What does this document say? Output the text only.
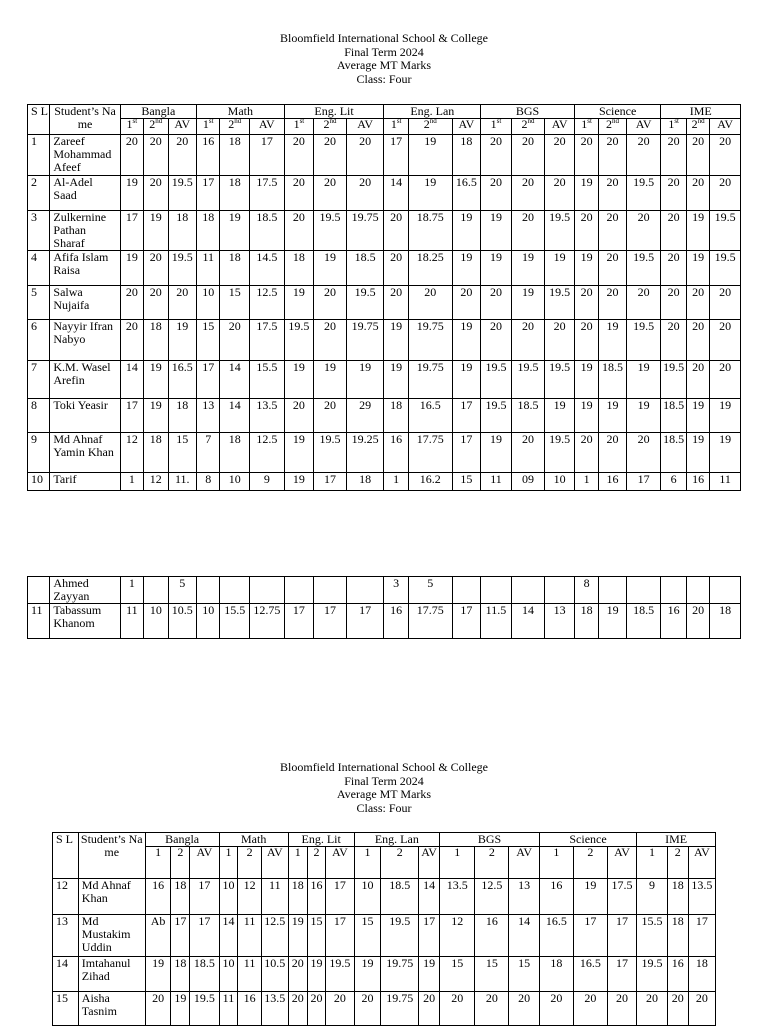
Bloomfield International School & College
Final Term 2024
Average MT Marks
Class: Four
S L	Student’s Name	Bangla			Math			Eng. Lit			Eng. Lan			BGS			Science			IME		
		1st	2nd	AV	1st	2nd	AV	1st	2nd	AV	1st	2nd	AV	1st	2nd	AV	1st	2nd	AV	1st	2nd	AV
1	Zareef Mohammad Afeef	20	20	20	16	18	17	20	20	20	17	19	18	20	20	20	20	20	20	20	20	20
2	Al-Adel Saad	19	20	19.5	17	18	17.5	20	20	20	14	19	16.5	20	20	20	19	20	19.5	20	20	20
3	Zulkernine Pathan Sharaf	17	19	18	18	19	18.5	20	19.5	19.75	20	18.75	19	19	20	19.5	20	20	20	20	19	19.5
4	Afifa Islam Raisa	19	20	19.5	11	18	14.5	18	19	18.5	20	18.25	19	19	19	19	19	20	19.5	20	19	19.5
5	Salwa Nujaifa	20	20	20	10	15	12.5	19	20	19.5	20	20	20	20	19	19.5	20	20	20	20	20	20
6	Nayyir Ifran Nabyo	20	18	19	15	20	17.5	19.5	20	19.75	19	19.75	19	20	20	20	20	19	19.5	20	20	20
7	K.M. Wasel Arefin	14	19	16.5	17	14	15.5	19	19	19	19	19.75	19	19.5	19.5	19.5	19	18.5	19	19.5	20	20
8	Toki Yeasir	17	19	18	13	14	13.5	20	20	29	18	16.5	17	19.5	18.5	19	19	19	19	18.5	19	19
9	Md Ahnaf Yamin Khan	12	18	15	7	18	12.5	19	19.5	19.25	16	17.75	17	19	20	19.5	20	20	20	18.5	19	19
10	Tarif	1	12	11.	8	10	9	19	17	18	1	16.2	15	11	09	10	1	16	17	6	16	11
	Ahmed Zayyan	1		5							3	5					8					
11	Tabassum Khanom	11	10	10.5	10	15.5	12.75	17	17	17	16	17.75	17	11.5	14	13	18	19	18.5	16	20	18
Bloomfield International School & College
Final Term 2024
Average MT Marks
Class: Four
S L	Student’s Name	Bangla			Math			Eng. Lit			Eng. Lan			BGS			Science			IME		
		1	2	AV	1	2	AV	1	2	AV	1	2	AV	1	2	AV	1	2	AV	1	2	AV
12	Md Ahnaf Khan	16	18	17	10	12	11	18	16	17	10	18.5	14	13.5	12.5	13	16	19	17.5	9	18	13.5
13	Md Mustakim Uddin	Ab	17	17	14	11	12.5	19	15	17	15	19.5	17	12	16	14	16.5	17	17	15.5	18	17
14	Imtahanul Zihad	19	18	18.5	10	11	10.5	20	19	19.5	19	19.75	19	15	15	15	18	16.5	17	19.5	16	18
15	Aisha Tasnim	20	19	19.5	11	16	13.5	20	20	20	20	19.75	20	20	20	20	20	20	20	20	20	20
